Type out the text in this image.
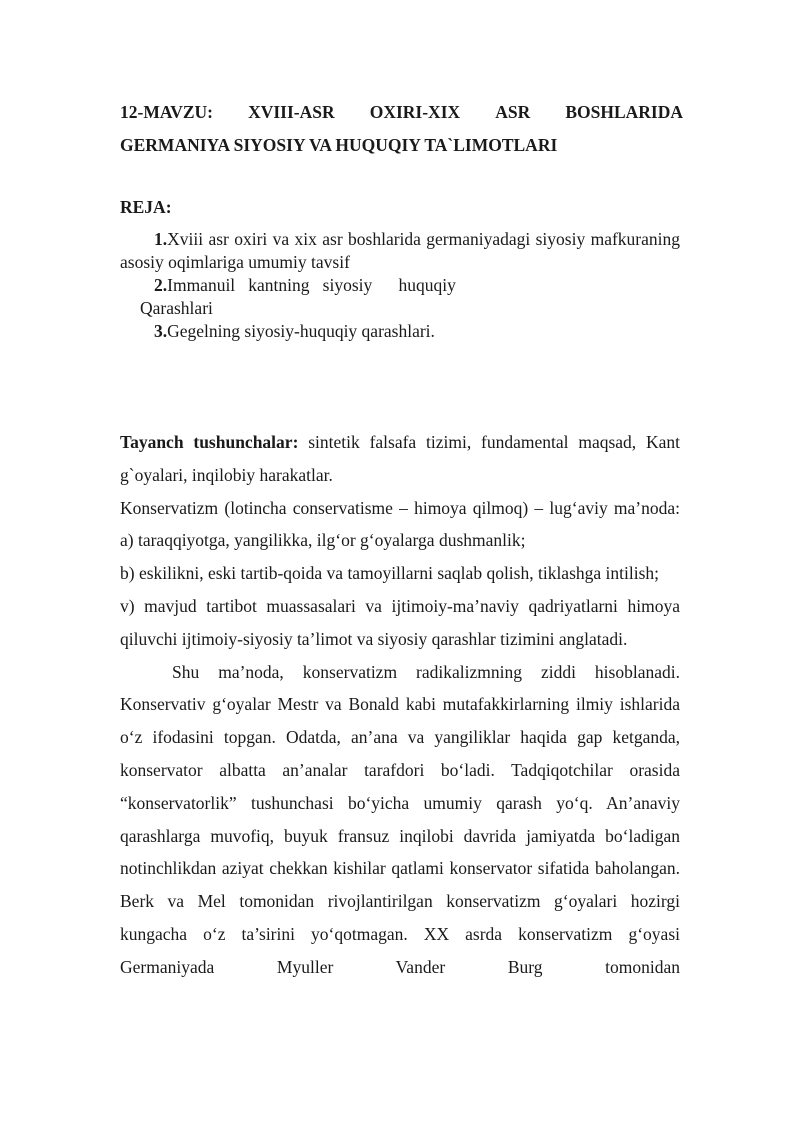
12-MAVZU: XVIII-ASR OXIRI-XIX ASR BOSHLARIDA
GERMANIYA SIYOSIY VA HUQUQIY TA`LIMOTLARI
REJA:
1.Xviii asr oxiri va xix asr boshlarida germaniyadagi siyosiy mafkuraning asosiy oqimlariga umumiy tavsif
2. Immanuil   kantning   siyosiy      huquqiy
Qarashlari
3.Gegelning siyosiy-huquqiy qarashlari.

Tayanch tushunchalar: sintetik falsafa tizimi, fundamental maqsad, Kant g`oyalari, inqilobiy harakatlar.

Konservatizm (lotincha conservatisme – himoya qilmoq) – lug‘aviy ma’noda: a) taraqqiyotga, yangilikka, ilg‘or g‘oyalarga dushmanlik;

b) eskilikni, eski tartib-qoida va tamoyillarni saqlab qolish, tiklashga intilish;

v) mavjud tartibot muassasalari va ijtimoiy-ma’naviy qadriyatlarni himoya qiluvchi ijtimoiy-siyosiy ta’limot va siyosiy qarashlar tizimini anglatadi.

Shu ma’noda, konservatizm radikalizmning ziddi hisoblanadi. Konservativ g‘oyalar Mestr va Bonald kabi mutafakkirlarning ilmiy ishlarida o‘z ifodasini topgan. Odatda, an’ana va yangiliklar haqida gap ketganda, konservator albatta an’analar tarafdori bo‘ladi. Tadqiqotchilar orasida “konservatorlik” tushunchasi bo‘yicha umumiy qarash yo‘q. An’anaviy qarashlarga muvofiq, buyuk fransuz inqilobi davrida jamiyatda bo‘ladigan notinchlikdan aziyat chekkan kishilar qatlami konservator sifatida baholangan. Berk va Mel tomonidan rivojlantirilgan konservatizm g‘oyalari hozirgi kungacha o‘z ta’sirini yo‘qotmagan. XX asrda konservatizm g‘oyasi Germaniyada Myuller Vander Burg tomonidan
